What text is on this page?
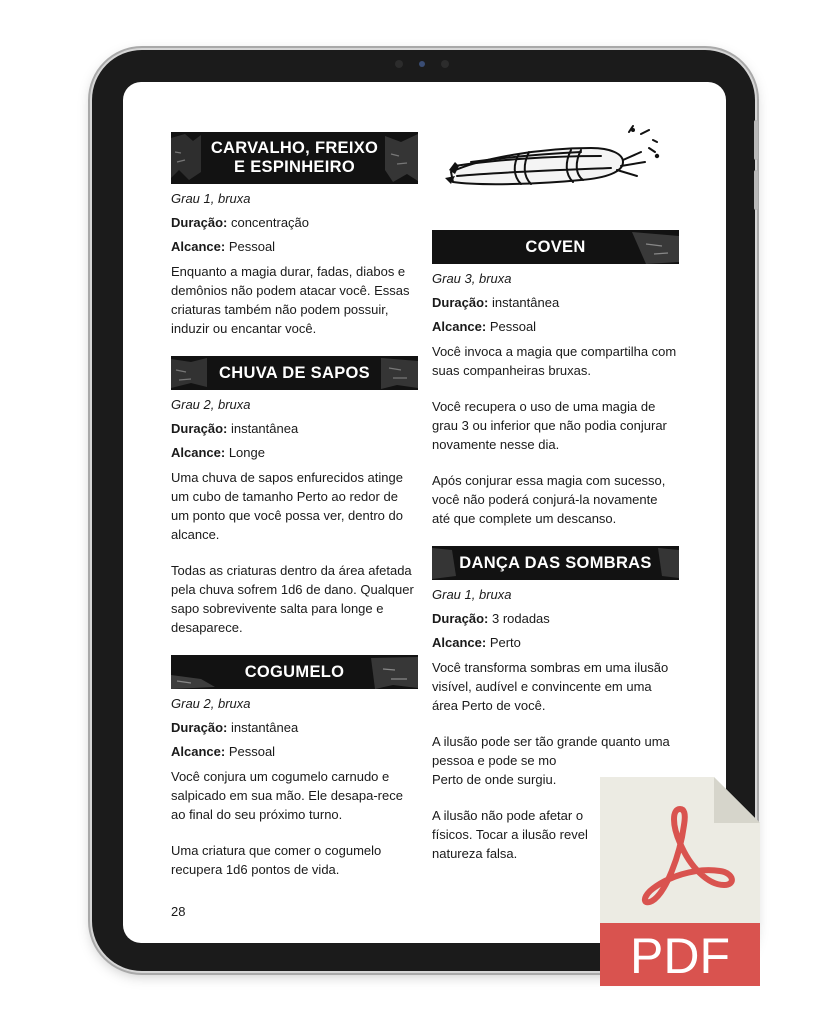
CARVALHO, FREIXO
E ESPINHEIRO
Grau 1, bruxa
Duração: concentração
Alcance: Pessoal

Enquanto a magia durar, fadas, diabos e demônios não podem atacar você. Essas criaturas também não podem possuir, induzir ou encantar você.

CHUVA DE SAPOS
Grau 2, bruxa
Duração: instantânea
Alcance: Longe

Uma chuva de sapos enfurecidos atinge um cubo de tamanho Perto ao redor de um ponto que você possa ver, dentro do alcance.

Todas as criaturas dentro da área afetada pela chuva sofrem 1d6 de dano. Qualquer sapo sobrevivente salta para longe e desaparece.

COGUMELO
Grau 2, bruxa
Duração: instantânea
Alcance: Pessoal

Você conjura um cogumelo carnudo e salpicado em sua mão. Ele desapa-rece ao final do seu próximo turno.

Uma criatura que comer o cogumelo recupera 1d6 pontos de vida.

COVEN
Grau 3, bruxa
Duração: instantânea
Alcance: Pessoal

Você invoca a magia que compartilha com suas companheiras bruxas.

Você recupera o uso de uma magia de grau 3 ou inferior que não podia conjurar novamente nesse dia.

Após conjurar essa magia com sucesso, você não poderá conjurá-la novamente até que complete um descanso.

DANÇA DAS SOMBRAS
Grau 1, bruxa
Duração: 3 rodadas
Alcance: Perto

Você transforma sombras em uma ilusão visível, audível e convincente em uma área Perto de você.

A ilusão pode ser tão grande quanto uma pessoa e pode se mo

Perto de onde surgiu.

A ilusão não pode afetar o

físicos. Tocar a ilusão revel

natureza falsa.

28
PDF
